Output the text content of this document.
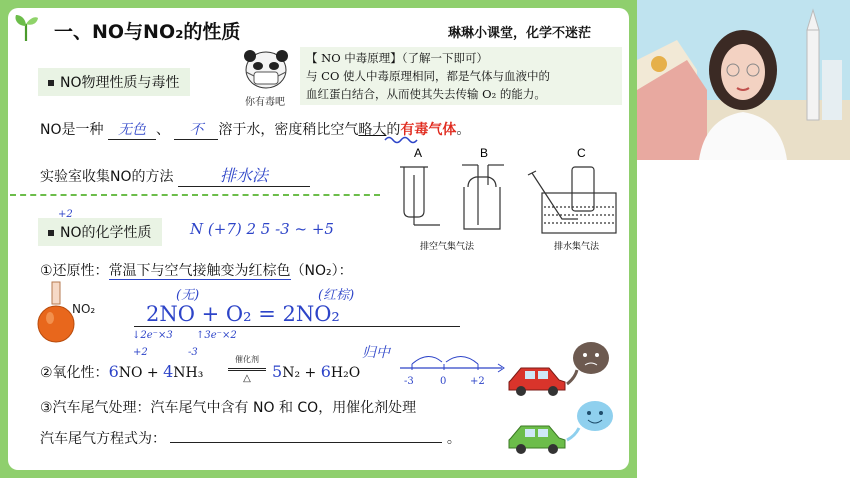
一、NO与NO₂的性质	琳琳小课堂，化学不迷茫
NO物理性质与毒性
你有毒吧
【 NO 中毒原理】（了解一下即可）
与 CO 使人中毒原理相同，都是气体与血液中的
血红蛋白结合，从而使其失去传输 O₂ 的能力。
NO是一种 无色 、 不 溶于水，密度稍比空气略大的有毒气体。
实验室收集NO的方法	排水法
A	B	C
排空气集气法	排水集气法
NO的化学性质
+2
N (+7) 2 5 -3 ~ +5
①还原性：常温下与空气接触变为红棕色（NO₂）：
NO₂
(无)	(红棕)
2NO + O₂ = 2NO₂
↓2e⁻×3 ↑3e⁻×2
+2	-3
②氧化性：6NO + 4NH₃
催化剂
△	5N₂ + 6H₂O
归中
-3	0 +2
③汽车尾气处理：汽车尾气中含有 NO 和 CO，用催化剂处理
汽车尾气方程式为：	。
